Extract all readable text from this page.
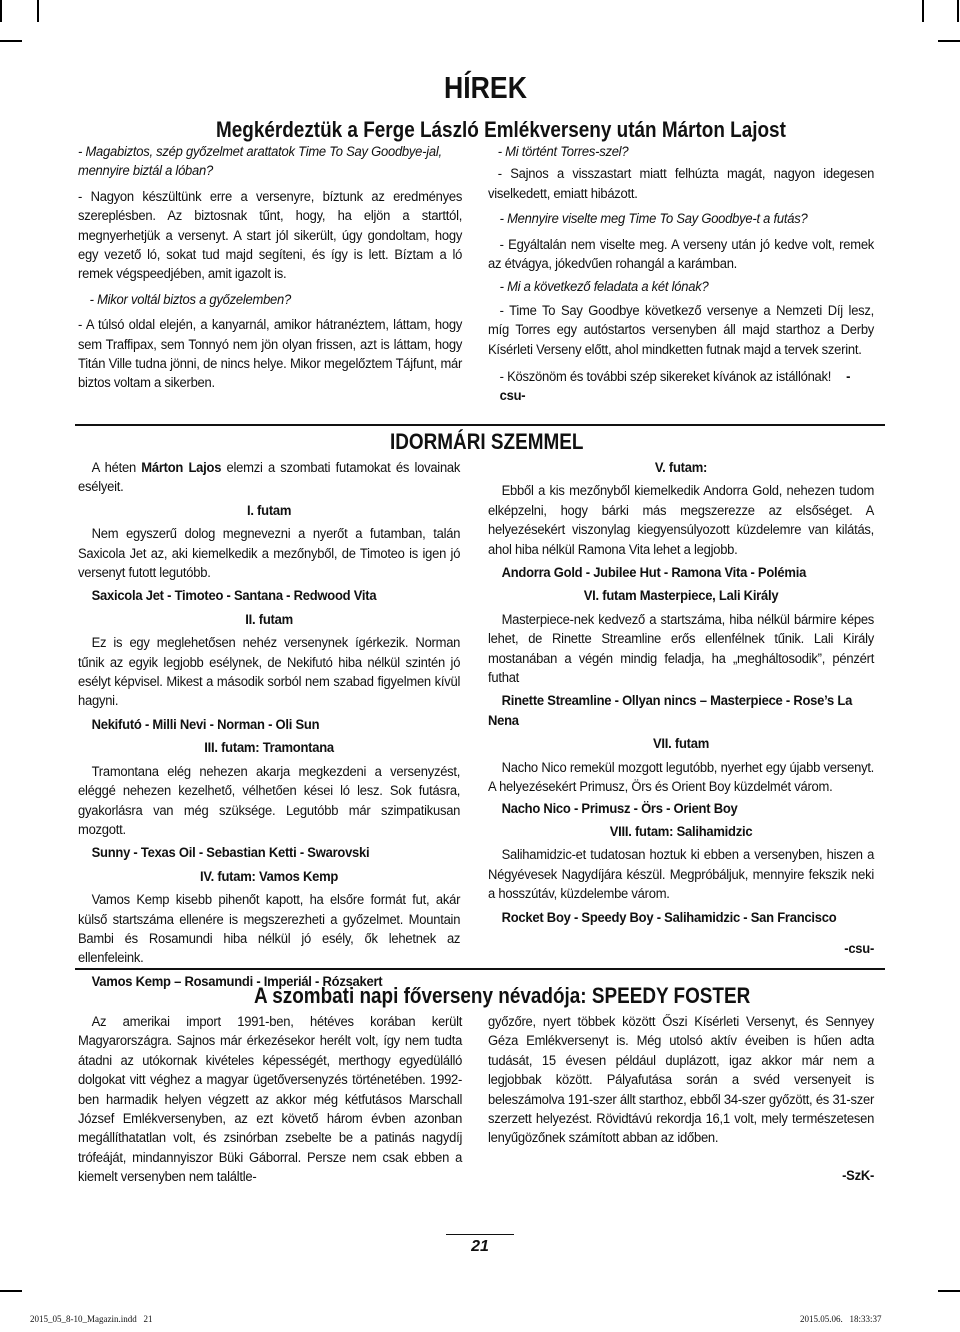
HÍREK
Megkérdeztük a Ferge László Emlékverseny után Márton Lajost

- Magabiztos, szép győzelmet arattatok Time To Say Goodbye-jal, mennyire biztál a lóban?

- Nagyon készültünk erre a versenyre, bíztunk az eredményes szereplésben. Az biztosnak tűnt, hogy, ha eljön a starttól, megnyerhetjük a versenyt. A start jól sikerült, úgy gondoltam, hogy egy vezető ló, sokat tud majd segíteni, és így is lett. Bíztam a ló remek végspeedjében, amit igazolt is.

- Mikor voltál biztos a győzelemben?

- A túlsó oldal elején, a kanyarnál, amikor hátranéztem, láttam, hogy sem Traffipax, sem Tonnyó nem jön olyan frissen, azt is láttam, hogy Titán Ville tudna jönni, de nincs helye. Mikor megelőztem Tájfunt, már biztos voltam a sikerben.

- Mi történt Torres-szel?

- Sajnos a visszastart miatt felhúzta magát, nagyon idegesen viselkedett, emiatt hibázott.

- Mennyire viselte meg Time To Say Goodbye-t a futás?

- Egyáltalán nem viselte meg. A verseny után jó kedve volt, remek az étvágya, jókedvűen rohangál a karámban.

- Mi a következő feladata a két lónak?

- Time To Say Goodbye következő versenye a Nemzeti Díj lesz, míg Torres egy autóstartos versenyben áll majd starthoz a Derby Kísérleti Verseny előtt, ahol mindketten futnak majd a tervek szerint.

- Köszönöm és további szép sikereket kívánok az istállónak! -csu-

IDORMÁRI SZEMMEL

A héten Márton Lajos elemzi a szombati futamokat és lovainak esélyeit.

I. futam

Nem egyszerű dolog megnevezni a nyerőt a futamban, talán Saxicola Jet az, aki kiemelkedik a mezőnyből, de Timoteo is igen jó versenyt futott legutóbb.

Saxicola Jet - Timoteo - Santana - Redwood Vita

II. futam

Ez is egy meglehetősen nehéz versenynek ígérkezik. Norman tűnik az egyik legjobb esélynek, de Nekifutó hiba nélkül szintén jó esélyt képvisel. Mikest a második sorból nem szabad figyelmen kívül hagyni.

Nekifutó - Milli Nevi - Norman - Oli Sun

III. futam: Tramontana

Tramontana elég nehezen akarja megkezdeni a versenyzést, eléggé nehezen kezelhető, vélhetően kései ló lesz. Sok futásra, gyakorlásra van még szüksége. Legutóbb már szimpatikusan mozgott.

Sunny - Texas Oil - Sebastian Ketti - Swarovski

IV. futam: Vamos Kemp

Vamos Kemp kisebb pihenőt kapott, ha elsőre formát fut, akár külső startszáma ellenére is megszerezheti a győzelmet. Mountain Bambi és Rosamundi hiba nélkül jó esély, ők lehetnek az ellenfeleink.

Vamos Kemp – Rosamundi - Imperiál - Rózsakert

V. futam:

Ebből a kis mezőnyből kiemelkedik Andorra Gold, nehezen tudom elképzelni, hogy bárki más megszerezze az elsőséget. A helyezésekért viszonylag kiegyensúlyozott küzdelemre van kilátás, ahol hiba nélkül Ramona Vita lehet a legjobb.

Andorra Gold - Jubilee Hut - Ramona Vita - Polémia

VI. futam Masterpiece, Lali Király

Masterpiece-nek kedvező a startszáma, hiba nélkül bármire képes lehet, de Rinette Streamline erős ellenfélnek tűnik. Lali Király mostanában a végén mindig feladja, ha „megháltosodik”, pénzért futhat

Rinette Streamline - Ollyan nincs – Masterpiece - Rose’s La Nena

VII. futam

Nacho Nico remekül mozgott legutóbb, nyerhet egy újabb versenyt. A helyezésekért Primusz, Örs és Orient Boy küzdelmét várom.

Nacho Nico - Primusz - Örs - Orient Boy

VIII. futam: Salihamidzic

Salihamidzic-et tudatosan hoztuk ki ebben a versenyben, hiszen a Négyévesek Nagydíjára készül. Megpróbáljuk, mennyire fekszik neki a hosszútáv, küzdelembe várom.

Rocket Boy - Speedy Boy - Salihamidzic - San Francisco

-csu-

A szombati napi főverseny névadója: SPEEDY FOSTER

Az amerikai import 1991-ben, hétéves korában került Magyarországra. Sajnos már érkezésekor herélt volt, így nem tudta átadni az utókornak kivételes képességét, merthogy egyedülálló dolgokat vitt véghez a magyar ügetőversenyzés történetében. 1992-ben harmadik helyen végzett az akkor még kétfutásos Marschall József Emlékversenyben, az ezt követő három évben azonban megállíthatatlan volt, és zsinórban zsebelte be a patinás nagydíj trófeáját, mindannyiszor Büki Gáborral. Persze nem csak ebben a kiemelt versenyben nem találtle-

győzőre, nyert többek között Őszi Kísérleti Versenyt, és Sennyey Géza Emlékversenyt is. Még utolsó aktív éveiben is hűen adta tudását, 15 évesen például duplázott, igaz akkor már nem a legjobbak között. Pályafutása során a svéd versenyeit is beleszámolva 191-szer állt starthoz, ebből 34-szer győzött, és 31-szer szerzett helyezést. Rövidtávú rekordja 16,1 volt, mely természetesen lenyűgözőnek számított abban az időben.

-SzK-

21
2015_05_8-10_Magazin.indd   21	2015.05.06.   18:33:37
